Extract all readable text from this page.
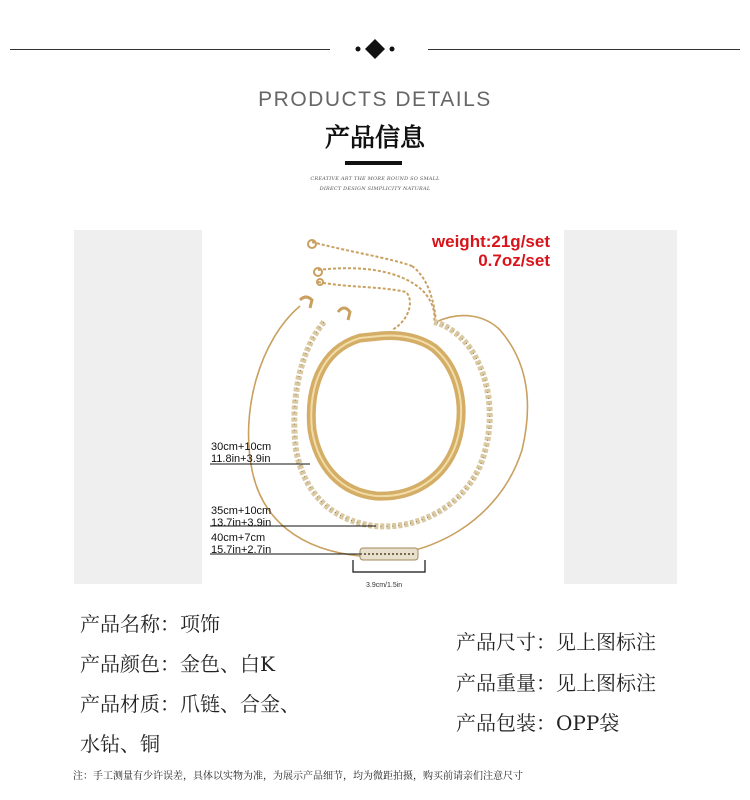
PRODUCTS DETAILS
产品信息
CREATIVE ART THE MORE ROUND SO SMALL
DIRECT DESIGN SIMPLICITY NATURAL
weight:21g/set
0.7oz/set
30cm+10cm
11.8in+3.9in
35cm+10cm
13.7in+3.9in
40cm+7cm
15.7in+2.7in
3.9cm/1.5in
产品名称：项饰
产品颜色：金色、白K
产品材质：爪链、合金、
水钻、铜
产品尺寸：见上图标注
产品重量：见上图标注
产品包装：OPP袋
注：手工测量有少许误差，具体以实物为准，为展示产品细节，均为微距拍摄，购买前请亲们注意尺寸
